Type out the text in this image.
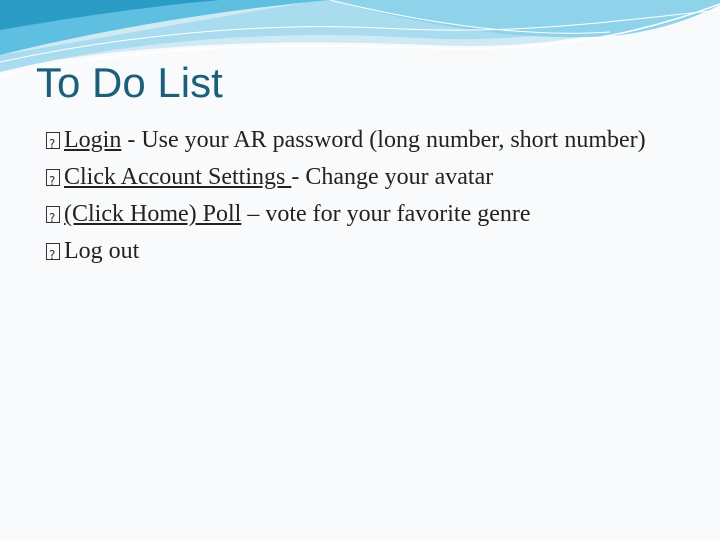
To Do List
?
Login - Use your AR password (long number, short number)
?
Click Account Settings - Change your avatar
?
(Click Home) Poll – vote for your favorite genre
?
Log out
